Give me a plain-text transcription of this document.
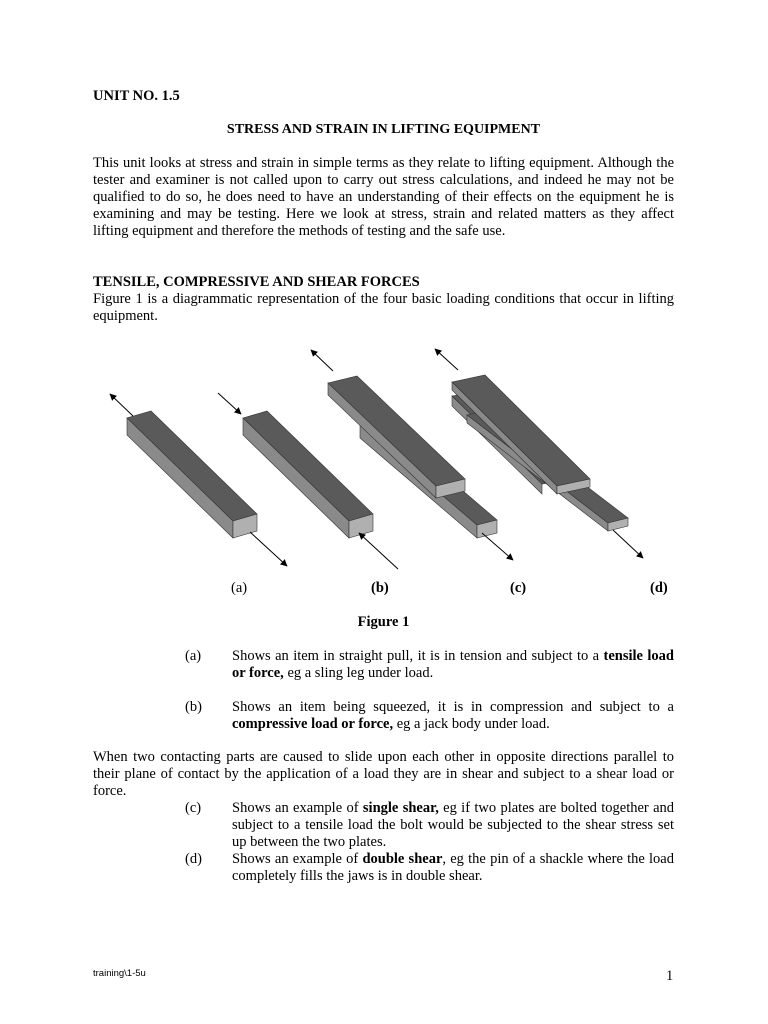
UNIT NO. 1.5
STRESS AND STRAIN IN LIFTING EQUIPMENT

This unit looks at stress and strain in simple terms as they relate to lifting equipment. Although the tester and examiner is not called upon to carry out stress calculations, and indeed he may not be qualified to do so, he does need to have an understanding of their effects on the equipment he is examining and may be testing. Here we look at stress, strain and related matters as they affect lifting equipment and therefore the methods of testing and the safe use.

TENSILE, COMPRESSIVE AND SHEAR FORCES

Figure 1 is a diagrammatic representation of the four basic loading conditions that occur in lifting equipment.

(a)	(b)	(c)	(d)
Figure 1
(a) Shows an item in straight pull, it is in tension and subject to a tensile load or force, eg a sling leg under load.
(b) Shows an item being squeezed, it is in compression and subject to a compressive load or force, eg a jack body under load.

When two contacting parts are caused to slide upon each other in opposite directions parallel to their plane of contact by the application of a load they are in shear and subject to a shear load or force.

(c) Shows an example of single shear, eg if two plates are bolted together and subject to a tensile load the bolt would be subjected to the shear stress set up between the two plates.
(d) Shows an example of double shear, eg the pin of a shackle where the load completely fills the jaws is in double shear.
training\1-5u	1
